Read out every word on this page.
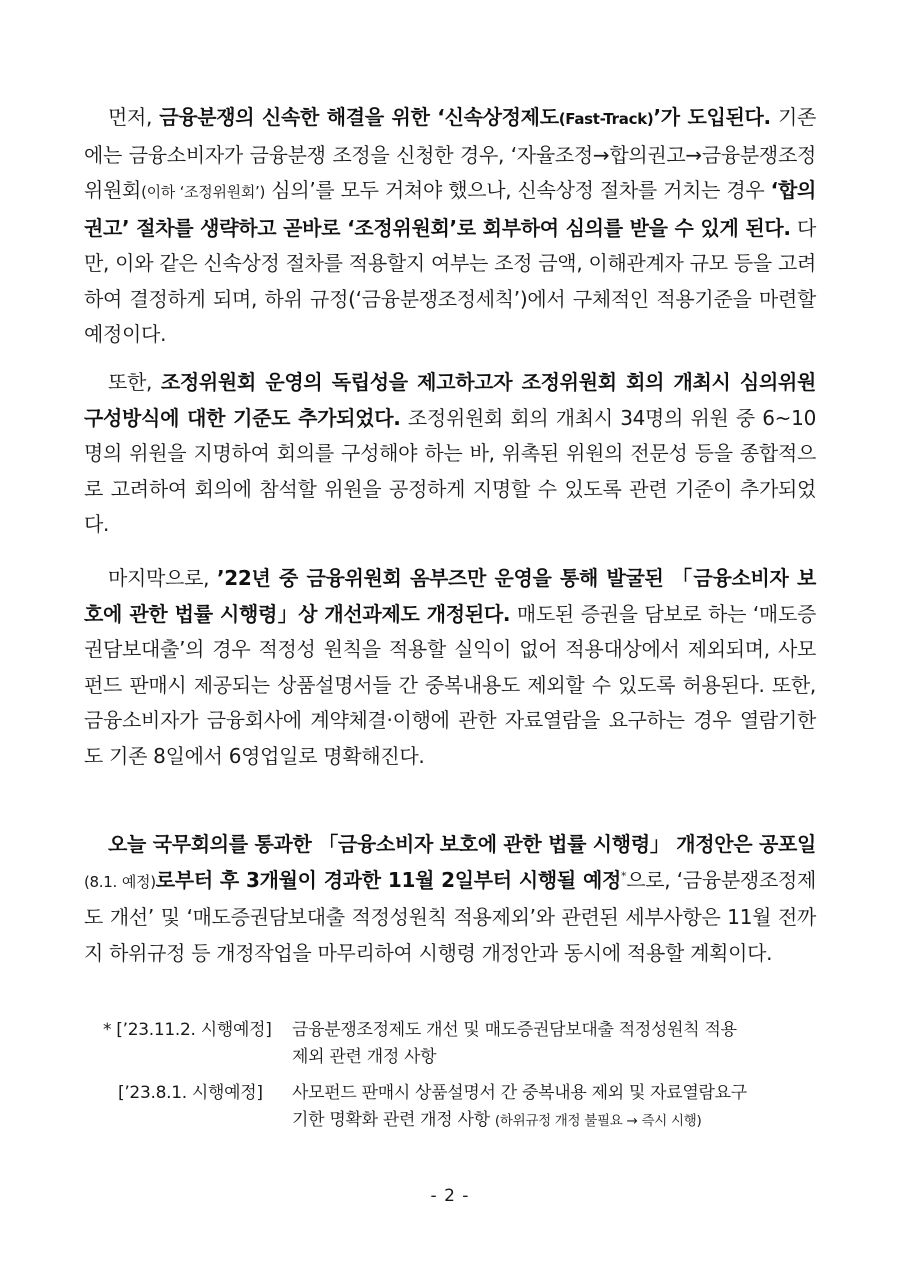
먼저, 금융분쟁의 신속한 해결을 위한 ‘신속상정제도(Fast-Track)’가 도입된다. 기존에는 금융소비자가 금융분쟁 조정을 신청한 경우, ‘자율조정→합의권고→금융분쟁조정위원회(이하 ‘조정위원회’) 심의’를 모두 거쳐야 했으나, 신속상정 절차를 거치는 경우 ‘합의권고’ 절차를 생략하고 곧바로 ‘조정위원회’로 회부하여 심의를 받을 수 있게 된다. 다만, 이와 같은 신속상정 절차를 적용할지 여부는 조정 금액, 이해관계자 규모 등을 고려하여 결정하게 되며, 하위 규정(‘금융분쟁조정세칙’)에서 구체적인 적용기준을 마련할 예정이다.

또한, 조정위원회 운영의 독립성을 제고하고자 조정위원회 회의 개최시 심의위원 구성방식에 대한 기준도 추가되었다. 조정위원회 회의 개최시 34명의 위원 중 6~10명의 위원을 지명하여 회의를 구성해야 하는 바, 위촉된 위원의 전문성 등을 종합적으로 고려하여 회의에 참석할 위원을 공정하게 지명할 수 있도록 관련 기준이 추가되었다.

마지막으로, ’22년 중 금융위원회 옴부즈만 운영을 통해 발굴된 「금융소비자 보호에 관한 법률 시행령」상 개선과제도 개정된다. 매도된 증권을 담보로 하는 ‘매도증권담보대출’의 경우 적정성 원칙을 적용할 실익이 없어 적용대상에서 제외되며, 사모펀드 판매시 제공되는 상품설명서들 간 중복내용도 제외할 수 있도록 허용된다. 또한, 금융소비자가 금융회사에 계약체결·이행에 관한 자료열람을 요구하는 경우 열람기한도 기존 8일에서 6영업일로 명확해진다.

오늘 국무회의를 통과한 「금융소비자 보호에 관한 법률 시행령」 개정안은 공포일(8.1. 예정)로부터 후 3개월이 경과한 11월 2일부터 시행될 예정*으로, ‘금융분쟁조정제도 개선’ 및 ‘매도증권담보대출 적정성원칙 적용제외’와 관련된 세부사항은 11월 전까지 하위규정 등 개정작업을 마무리하여 시행령 개정안과 동시에 적용할 계획이다.

* [’23.11.2. 시행예정] 금융분쟁조정제도 개선 및 매도증권담보대출 적정성원칙 적용
제외 관련 개정 사항
[’23.8.1. 시행예정] 사모펀드 판매시 상품설명서 간 중복내용 제외 및 자료열람요구
기한 명확화 관련 개정 사항 (하위규정 개정 불필요 → 즉시 시행)
- 2 -
